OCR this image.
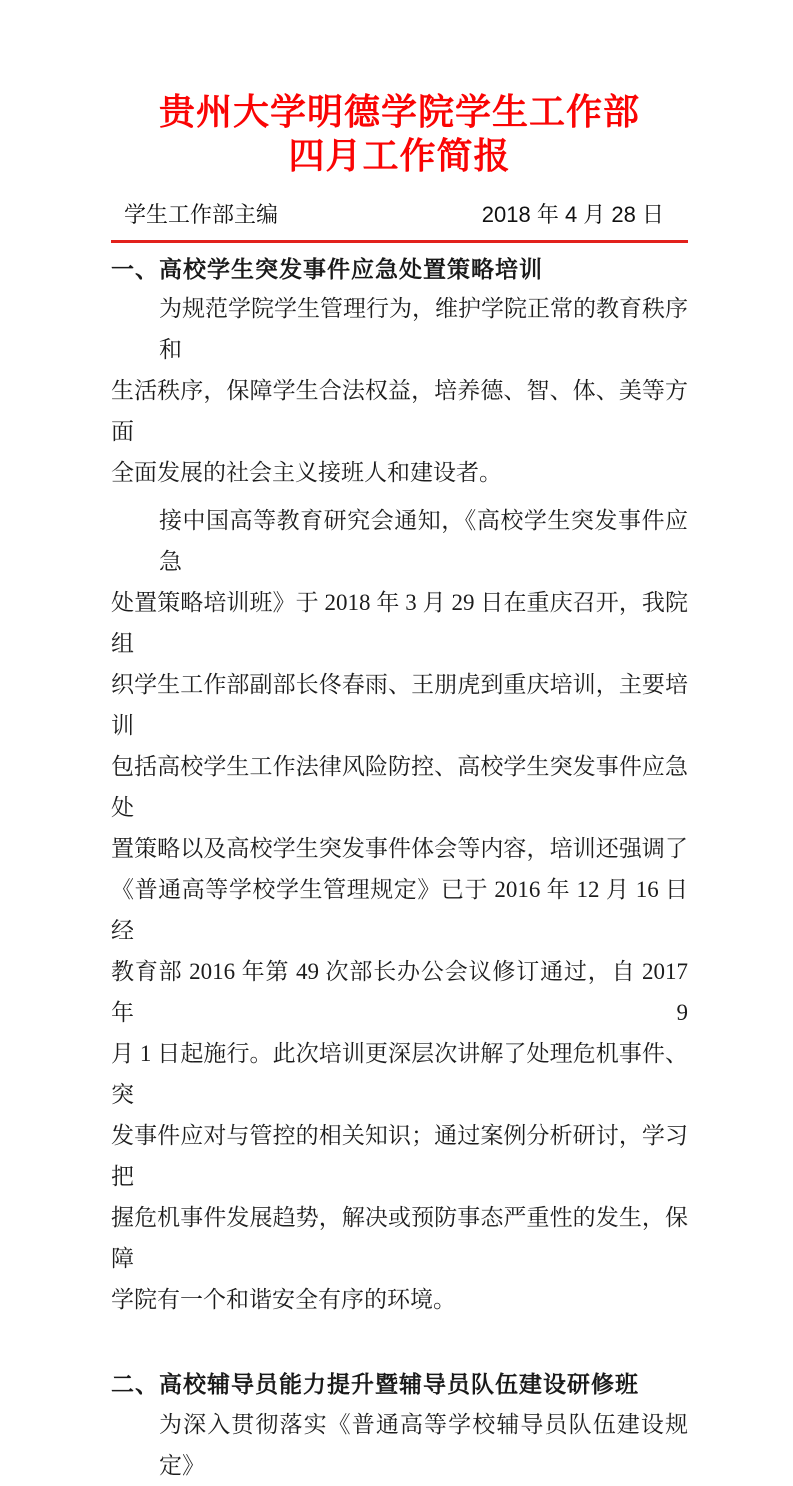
贵州大学明德学院学生工作部
四月工作简报
学生工作部主编	2018 年 4 月 28 日
一、高校学生突发事件应急处置策略培训
为规范学院学生管理行为，维护学院正常的教育秩序和
生活秩序，保障学生合法权益，培养德、智、体、美等方面
全面发展的社会主义接班人和建设者。
接中国高等教育研究会通知，《高校学生突发事件应急
处置策略培训班》于 2018 年 3 月 29 日在重庆召开，我院组
织学生工作部副部长佟春雨、王朋虎到重庆培训，主要培训
包括高校学生工作法律风险防控、高校学生突发事件应急处
置策略以及高校学生突发事件体会等内容，培训还强调了
《普通高等学校学生管理规定》已于 2016 年 12 月 16 日经
教育部 2016 年第 49 次部长办公会议修订通过，自 2017 年 9
月 1 日起施行。此次培训更深层次讲解了处理危机事件、突
发事件应对与管控的相关知识；通过案例分析研讨，学习把
握危机事件发展趋势，解决或预防事态严重性的发生，保障
学院有一个和谐安全有序的环境。
二、高校辅导员能力提升暨辅导员队伍建设研修班
为深入贯彻落实《普通高等学校辅导员队伍建设规定》
